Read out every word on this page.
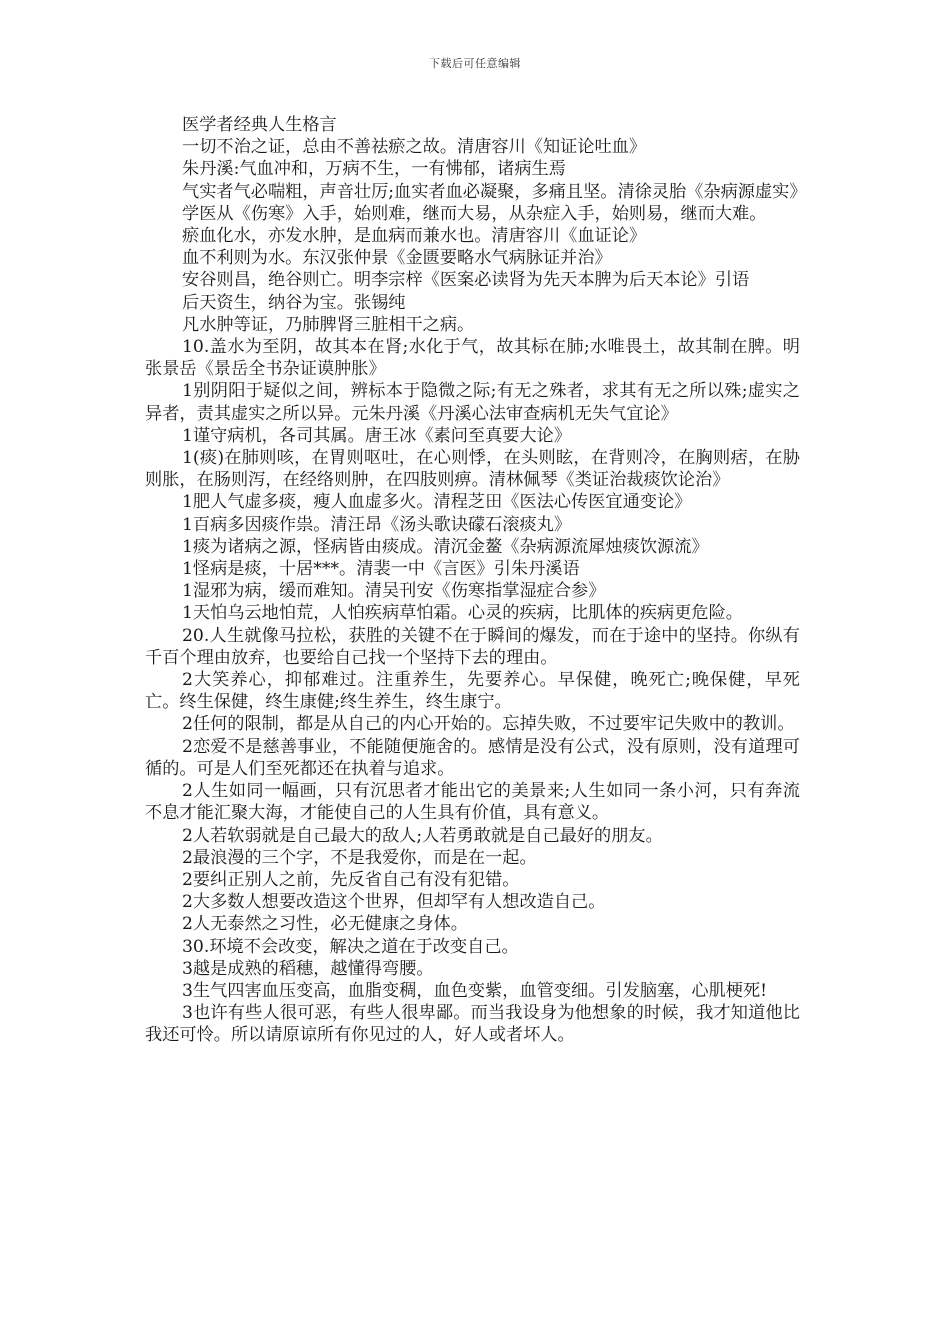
下载后可任意编辑

医学者经典人生格言

一切不治之证，总由不善祛瘀之故。清唐容川《知证论吐血》

朱丹溪:气血冲和，万病不生，一有怫郁，诸病生焉

气实者气必喘粗，声音壮厉;血实者血必凝聚，多痛且坚。清徐灵胎《杂病源虚实》

学医从《伤寒》入手，始则难，继而大易，从杂症入手，始则易，继而大难。

瘀血化水，亦发水肿，是血病而兼水也。清唐容川《血证论》

血不利则为水。东汉张仲景《金匮要略水气病脉证并治》

安谷则昌，绝谷则亡。明李宗梓《医案必读肾为先天本脾为后天本论》引语

后天资生，纳谷为宝。张锡纯

凡水肿等证，乃肺脾肾三脏相干之病。

10.盖水为至阴，故其本在肾;水化于气，故其标在肺;水唯畏土，故其制在脾。明张景岳《景岳全书杂证谟肿胀》

1别阴阳于疑似之间，辨标本于隐微之际;有无之殊者，求其有无之所以殊;虚实之异者，责其虚实之所以异。元朱丹溪《丹溪心法审查病机无失气宜论》

1谨守病机，各司其属。唐王冰《素问至真要大论》

1(痰)在肺则咳，在胃则呕吐，在心则悸，在头则眩，在背则冷，在胸则痞，在胁则胀，在肠则泻，在经络则肿，在四肢则痹。清林佩琴《类证治裁痰饮论治》

1肥人气虚多痰，瘦人血虚多火。清程芝田《医法心传医宜通变论》

1百病多因痰作祟。清汪昂《汤头歌诀礞石滚痰丸》

1痰为诸病之源，怪病皆由痰成。清沉金鳌《杂病源流犀烛痰饮源流》

1怪病是痰，十居***。清裴一中《言医》引朱丹溪语

1湿邪为病，缓而难知。清吴刊安《伤寒指掌湿症合参》

1天怕乌云地怕荒，人怕疾病草怕霜。心灵的疾病，比肌体的疾病更危险。

20.人生就像马拉松，获胜的关键不在于瞬间的爆发，而在于途中的坚持。你纵有千百个理由放弃，也要给自己找一个坚持下去的理由。

2大笑养心，抑郁难过。注重养生，先要养心。早保健，晚死亡;晚保健，早死亡。终生保健，终生康健;终生养生，终生康宁。

2任何的限制，都是从自己的内心开始的。忘掉失败，不过要牢记失败中的教训。

2恋爱不是慈善事业，不能随便施舍的。感情是没有公式，没有原则，没有道理可循的。可是人们至死都还在执着与追求。

2人生如同一幅画，只有沉思者才能出它的美景来;人生如同一条小河，只有奔流不息才能汇聚大海，才能使自己的人生具有价值，具有意义。

2人若软弱就是自己最大的敌人;人若勇敢就是自己最好的朋友。

2最浪漫的三个字，不是我爱你，而是在一起。

2要纠正别人之前，先反省自己有没有犯错。

2大多数人想要改造这个世界，但却罕有人想改造自己。

2人无泰然之习性，必无健康之身体。

30.环境不会改变，解决之道在于改变自己。

3越是成熟的稻穗，越懂得弯腰。

3生气四害血压变高，血脂变稠，血色变紫，血管变细。引发脑塞，心肌梗死!

3也许有些人很可恶，有些人很卑鄙。而当我设身为他想象的时候，我才知道他比我还可怜。所以请原谅所有你见过的人，好人或者坏人。
